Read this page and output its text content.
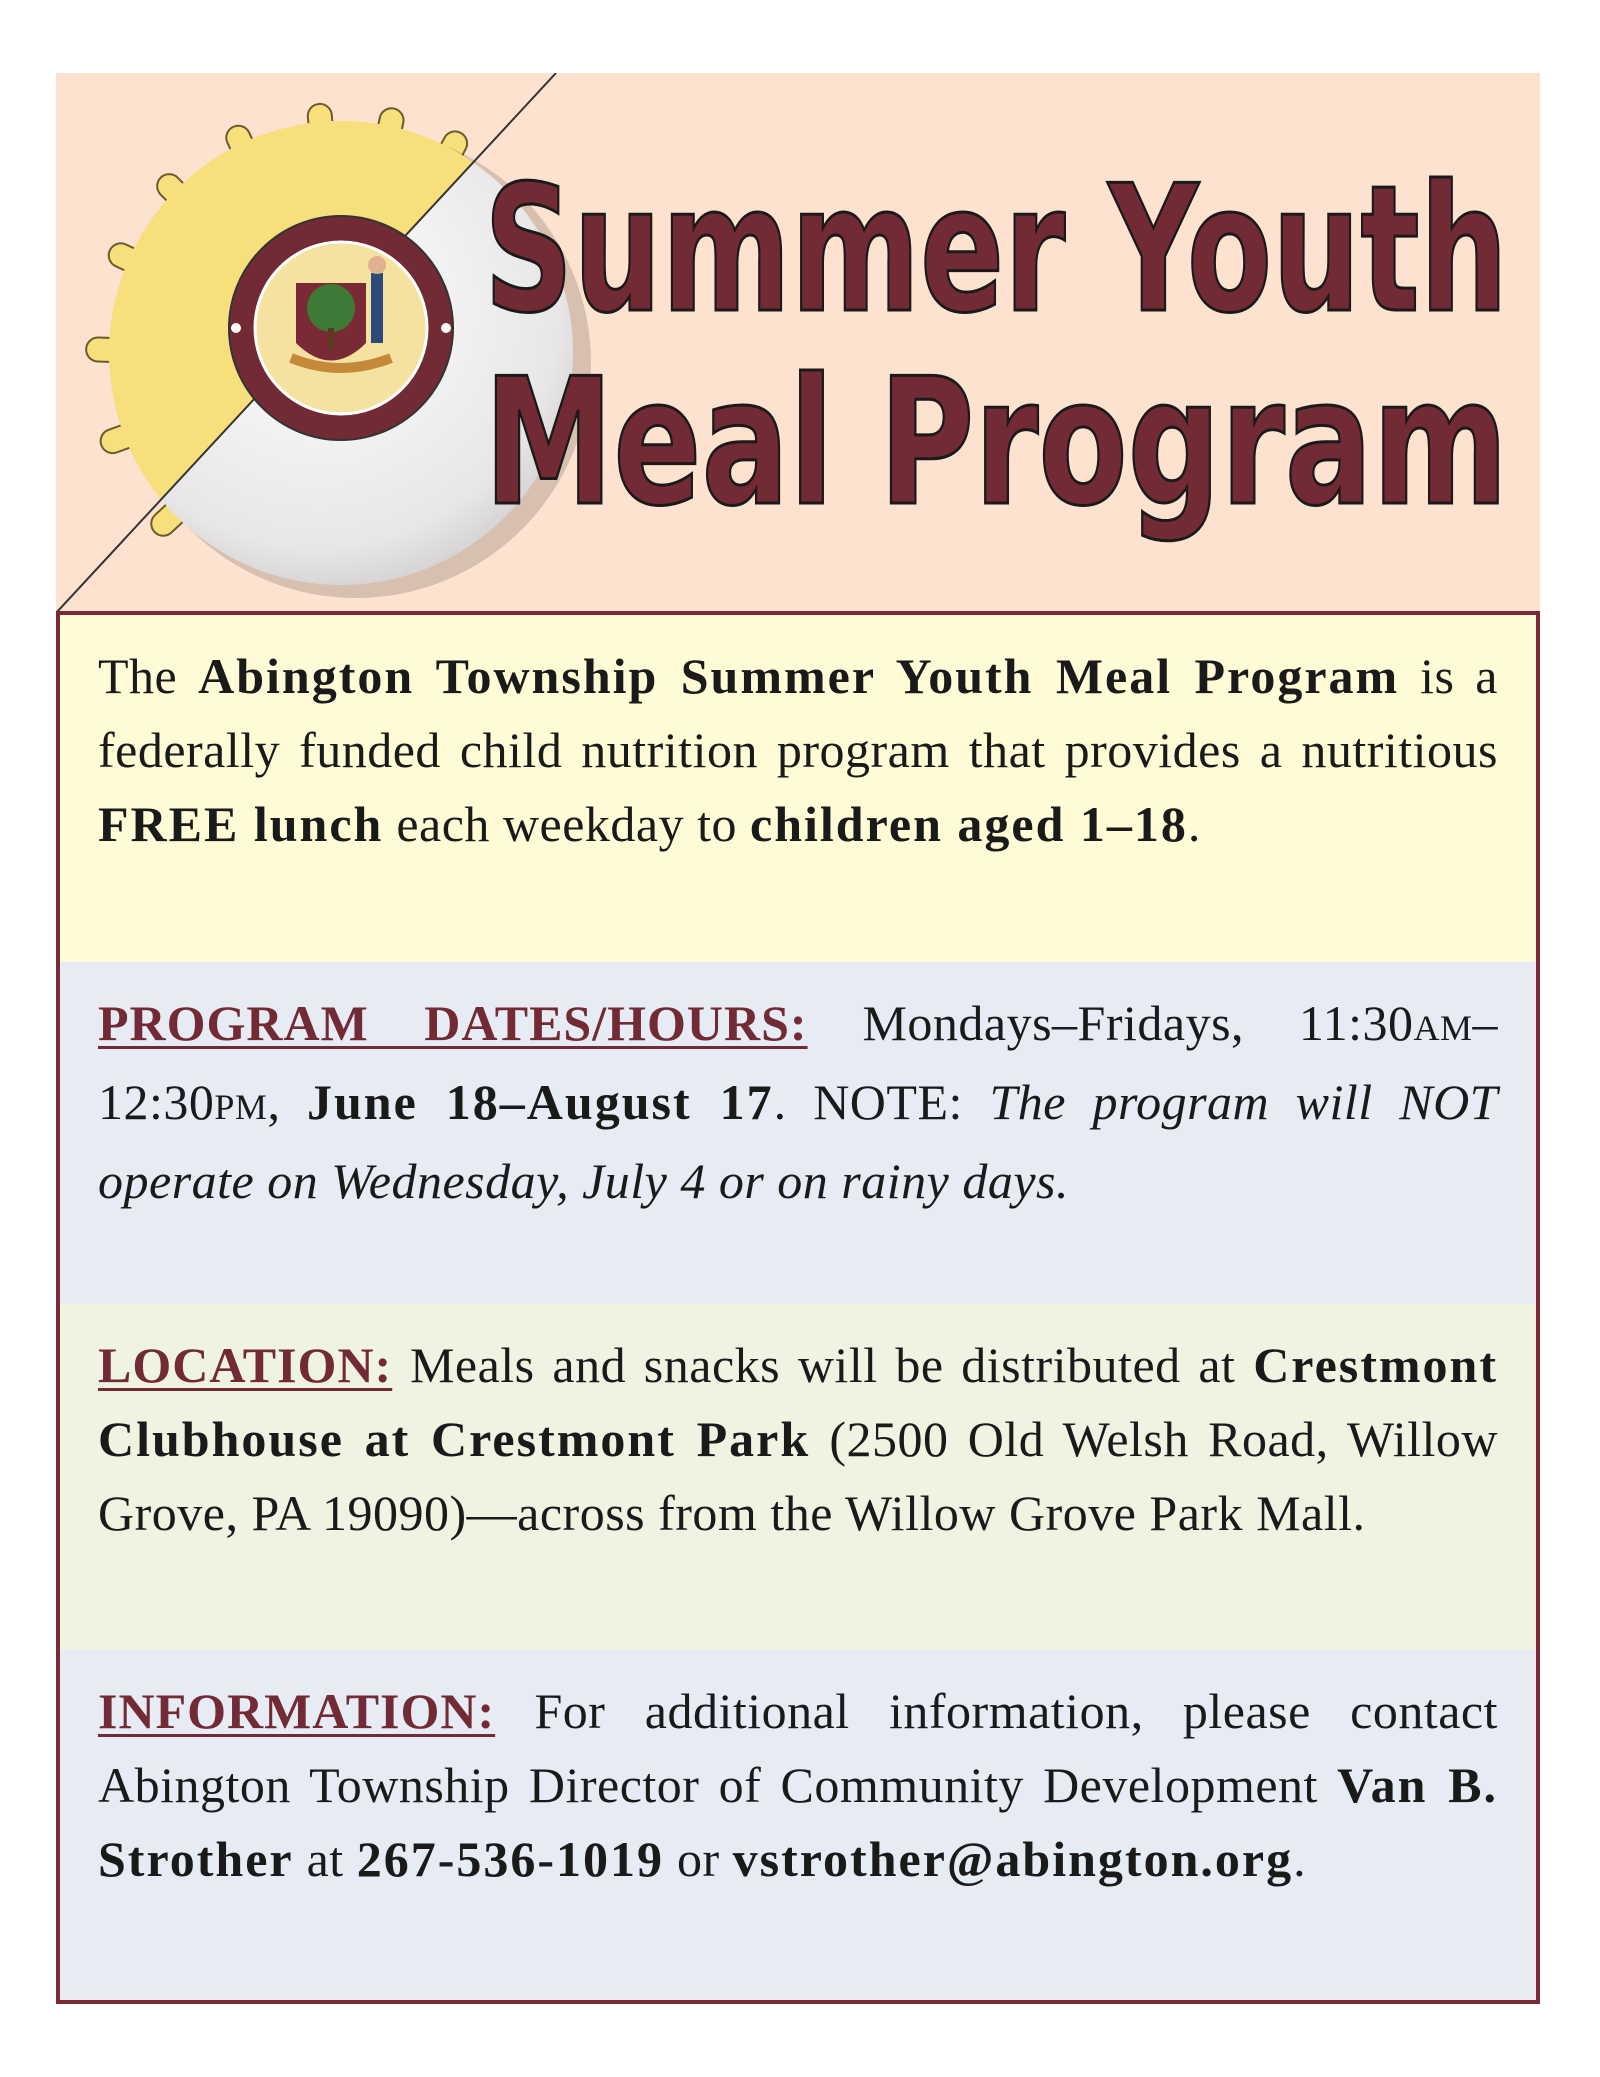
Summer Youth
Meal Program

The Abington Township Summer Youth Meal Program is a federally funded child nutrition program that provides a nutritious FREE lunch each weekday to children aged 1–18.

PROGRAM DATES/HOURS: Mondays–Fridays, 11:30AM–12:30PM, June 18–August 17. NOTE: The program will NOT operate on Wednesday, July 4 or on rainy days.

LOCATION: Meals and snacks will be distributed at Crestmont Clubhouse at Crestmont Park (2500 Old Welsh Road, Willow Grove, PA 19090)—across from the Willow Grove Park Mall.

INFORMATION: For additional information, please contact Abington Township Director of Community Development Van B. Strother at 267-536-1019 or vstrother@abington.org.
